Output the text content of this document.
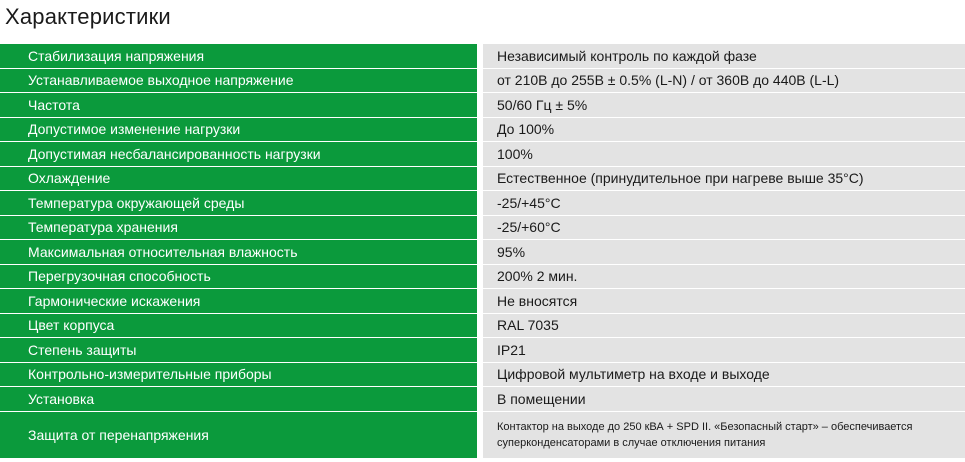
Характеристики
Стабилизация напряжения	Независимый контроль по каждой фазе
Устанавливаемое выходное напряжение	от 210В до 255В ± 0.5% (L-N) / от 360В до 440В (L-L)
Частота	50/60 Гц ± 5%
Допустимое изменение нагрузки	До 100%
Допустимая несбалансированность нагрузки	100%
Охлаждение	Естественное (принудительное при нагреве выше 35°C)
Температура окружающей среды	-25/+45°C
Температура хранения	-25/+60°C
Максимальная относительная влажность	95%
Перегрузочная способность	200% 2 мин.
Гармонические искажения	Не вносятся
Цвет корпуса	RAL 7035
Степень защиты	IP21
Контрольно-измерительные приборы	Цифровой мультиметр на входе и выходе
Установка	В помещении
Защита от перенапряжения	Контактор на выходе до 250 кВА + SPD II. «Безопасный старт» – обеспечивается суперконденсаторами в случае отключения питания
